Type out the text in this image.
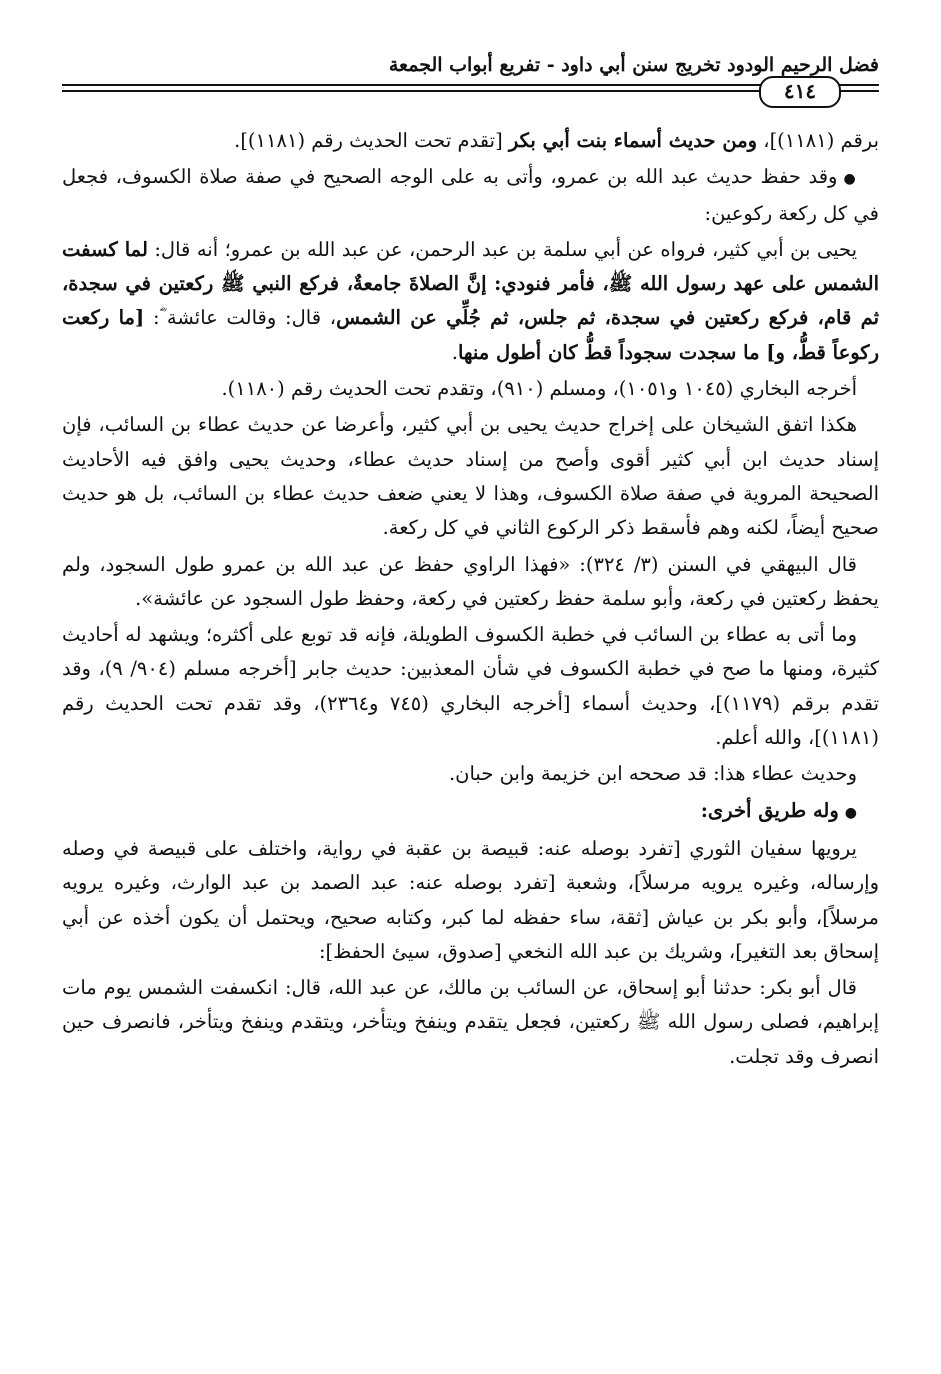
فضل الرحيم الودود تخريج سنن أبي داود - تفريع أبواب الجمعة
٤١٤

برقم (١١٨١)]، ومن حديث أسماء بنت أبي بكر [تقدم تحت الحديث رقم (١١٨١)].

●وقد حفظ حديث عبد الله بن عمرو، وأتى به على الوجه الصحيح في صفة صلاة الكسوف، فجعل في كل ركعة ركوعين:

يحيى بن أبي كثير، فرواه عن أبي سلمة بن عبد الرحمن، عن عبد الله بن عمرو؛ أنه قال: لما كسفت الشمس على عهد رسول الله ﷺ، فأمر فنودي: إنَّ الصلاةَ جامعةٌ، فركع النبي ﷺ ركعتين في سجدة، ثم قام، فركع ركعتين في سجدة، ثم جلس، ثم جُلِّي عن الشمس، قال: وقالت عائشة ؓ: [ما ركعت ركوعاً قطُّ، و] ما سجدت سجوداً قطُّ كان أطول منها.

أخرجه البخاري (١٠٤٥ و١٠٥١)، ومسلم (٩١٠)، وتقدم تحت الحديث رقم (١١٨٠).

هكذا اتفق الشيخان على إخراج حديث يحيى بن أبي كثير، وأعرضا عن حديث عطاء بن السائب، فإن إسناد حديث ابن أبي كثير أقوى وأصح من إسناد حديث عطاء، وحديث يحيى وافق فيه الأحاديث الصحيحة المروية في صفة صلاة الكسوف، وهذا لا يعني ضعف حديث عطاء بن السائب، بل هو حديث صحيح أيضاً، لكنه وهم فأسقط ذكر الركوع الثاني في كل ركعة.

قال البيهقي في السنن (٣/ ٣٢٤): «فهذا الراوي حفظ عن عبد الله بن عمرو طول السجود، ولم يحفظ ركعتين في ركعة، وأبو سلمة حفظ ركعتين في ركعة، وحفظ طول السجود عن عائشة».

وما أتى به عطاء بن السائب في خطبة الكسوف الطويلة، فإنه قد توبع على أكثره؛ ويشهد له أحاديث كثيرة، ومنها ما صح في خطبة الكسوف في شأن المعذبين: حديث جابر [أخرجه مسلم (٩٠٤/ ٩)، وقد تقدم برقم (١١٧٩)]، وحديث أسماء [أخرجه البخاري (٧٤٥ و٢٣٦٤)، وقد تقدم تحت الحديث رقم (١١٨١)]، والله أعلم.

وحديث عطاء هذا: قد صححه ابن خزيمة وابن حبان.

●وله طريق أخرى:

يرويها سفيان الثوري [تفرد بوصله عنه: قبيصة بن عقبة في رواية، واختلف على قبيصة في وصله وإرساله، وغيره يرويه مرسلاً]، وشعبة [تفرد بوصله عنه: عبد الصمد بن عبد الوارث، وغيره يرويه مرسلاً]، وأبو بكر بن عياش [ثقة، ساء حفظه لما كبر، وكتابه صحيح، ويحتمل أن يكون أخذه عن أبي إسحاق بعد التغير]، وشريك بن عبد الله النخعي [صدوق، سيئ الحفظ]:

قال أبو بكر: حدثنا أبو إسحاق، عن السائب بن مالك، عن عبد الله، قال: انكسفت الشمس يوم مات إبراهيم، فصلى رسول الله ﷺ ركعتين، فجعل يتقدم وينفخ ويتأخر، ويتقدم وينفخ ويتأخر، فانصرف حين انصرف وقد تجلت.
